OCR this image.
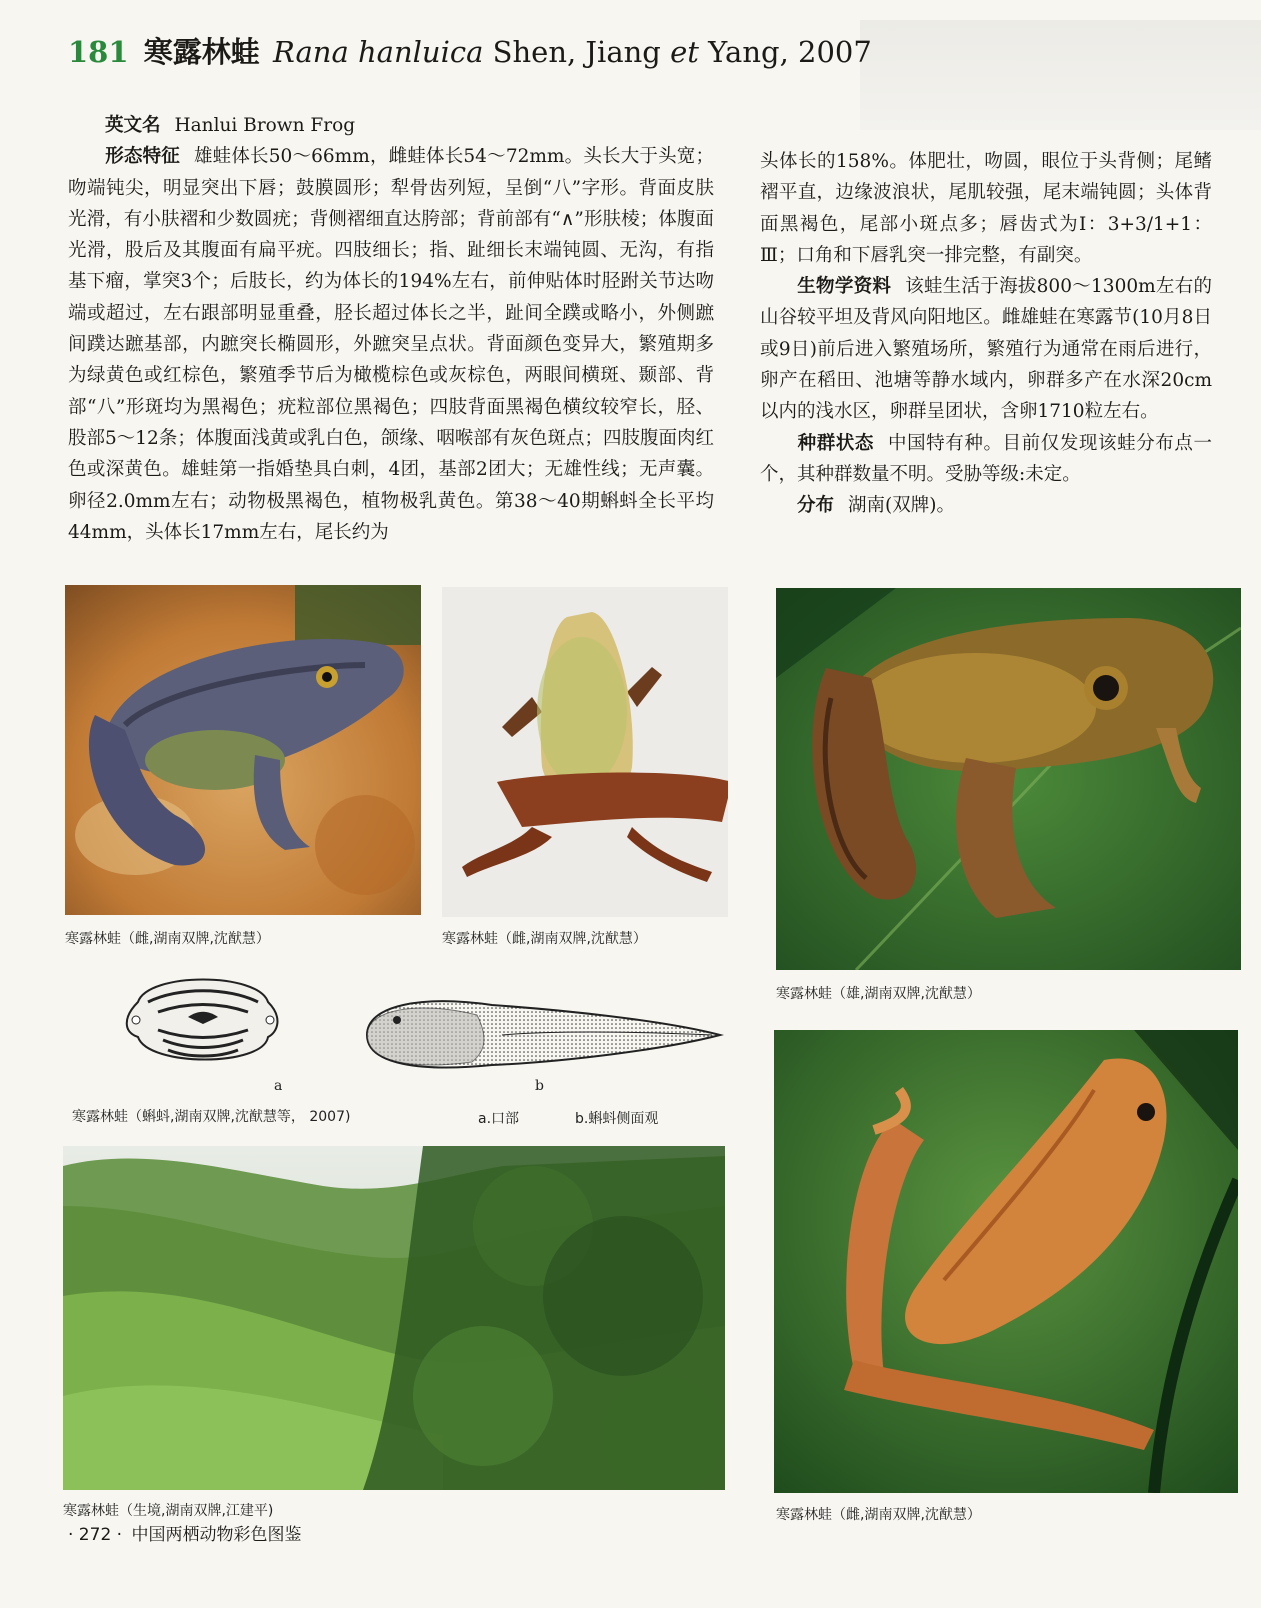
181 寒露林蛙 Rana hanluica Shen, Jiang et Yang, 2007
英文名 Hanlui Brown Frog
形态特征 雄蛙体长50～66mm，雌蛙体长54～72mm。头长大于头宽；吻端钝尖，明显突出下唇；鼓膜圆形；犁骨齿列短，呈倒“八”字形。背面皮肤光滑，有小肤褶和少数圆疣；背侧褶细直达胯部；背前部有“∧”形肤棱；体腹面光滑，股后及其腹面有扁平疣。四肢细长；指、趾细长末端钝圆、无沟，有指基下瘤，掌突3个；后肢长，约为体长的194%左右，前伸贴体时胫跗关节达吻端或超过，左右跟部明显重叠，胫长超过体长之半，趾间全蹼或略小，外侧蹠间蹼达蹠基部，内蹠突长椭圆形，外蹠突呈点状。背面颜色变异大，繁殖期多为绿黄色或红棕色，繁殖季节后为橄榄棕色或灰棕色，两眼间横斑、颞部、背部“八”形斑均为黑褐色；疣粒部位黑褐色；四肢背面黑褐色横纹较窄长，胫、股部5～12条；体腹面浅黄或乳白色，颌缘、咽喉部有灰色斑点；四肢腹面肉红色或深黄色。雄蛙第一指婚垫具白刺，4团，基部2团大；无雄性线；无声囊。卵径2.0mm左右；动物极黑褐色，植物极乳黄色。第38～40期蝌蚪全长平均44mm，头体长17mm左右，尾长约为
头体长的158%。体肥壮，吻圆，眼位于头背侧；尾鳍褶平直，边缘波浪状，尾肌较强，尾末端钝圆；头体背面黑褐色，尾部小斑点多；唇齿式为Ⅰ：3+3/1+1：Ⅲ；口角和下唇乳突一排完整，有副突。
生物学资料 该蛙生活于海拔800～1300m左右的山谷较平坦及背风向阳地区。雌雄蛙在寒露节(10月8日或9日)前后进入繁殖场所，繁殖行为通常在雨后进行，卵产在稻田、池塘等静水域内，卵群多产在水深20cm以内的浅水区，卵群呈团状，含卵1710粒左右。
种群状态 中国特有种。目前仅发现该蛙分布点一个，其种群数量不明。受胁等级:未定。
分布 湖南(双牌)。
寒露林蛙（雌,湖南双牌,沈猷慧）	寒露林蛙（雌,湖南双牌,沈猷慧）
寒露林蛙（雄,湖南双牌,沈猷慧）
a	b
寒露林蛙（蝌蚪,湖南双牌,沈猷慧等， 2007)	a.口部	b.蝌蚪侧面观
寒露林蛙（生境,湖南双牌,江建平)	寒露林蛙（雌,湖南双牌,沈猷慧）
· 272 · 中国两栖动物彩色图鉴
